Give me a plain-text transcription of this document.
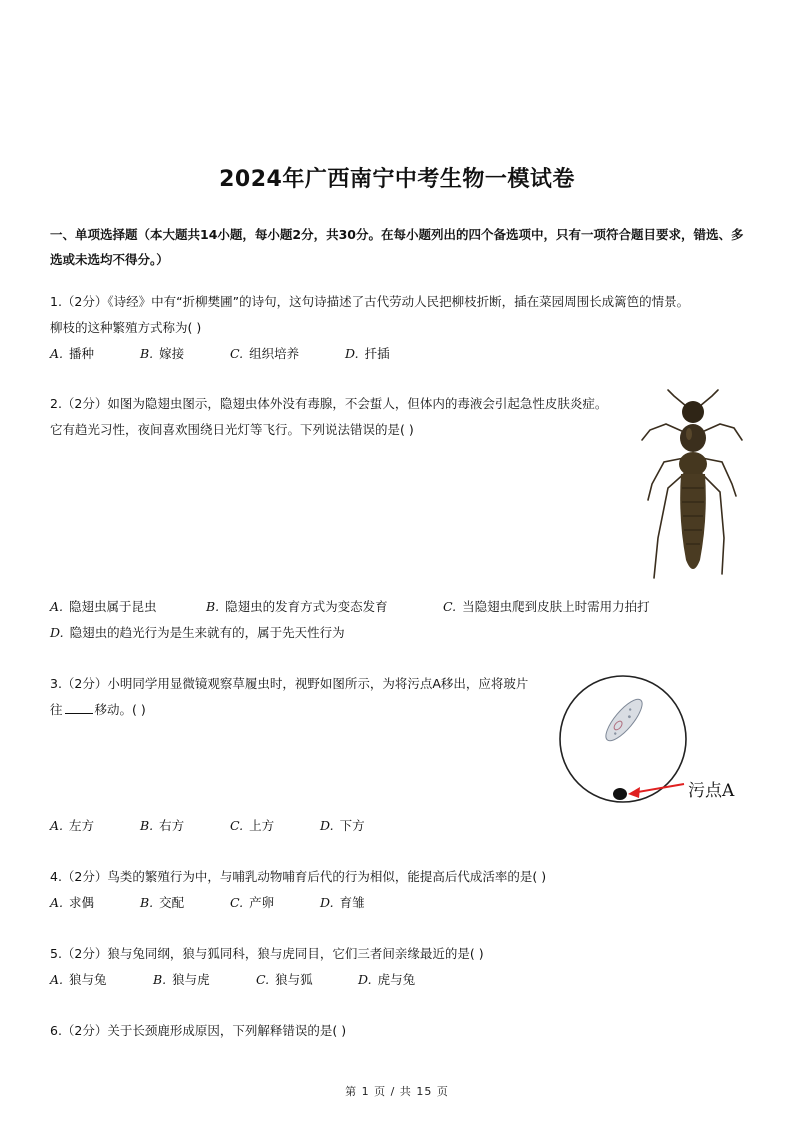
2024年广西南宁中考生物一模试卷
一、单项选择题（本大题共14小题，每小题2分，共30分。在每小题列出的四个备选项中，只有一项符合题目要求，错选、多选或未选均不得分。）
1.（2分）《诗经》中有“折柳樊圃”的诗句，这句诗描述了古代劳动人民把柳枝折断，插在菜园周围长成篱笆的情景。
柳枝的这种繁殖方式称为( )
A. 播种	B. 嫁接	C. 组织培养	D. 扦插
2.（2分）如图为隐翅虫图示，隐翅虫体外没有毒腺，不会蜇人，但体内的毒液会引起急性皮肤炎症。
它有趋光习性，夜间喜欢围绕日光灯等飞行。下列说法错误的是( )
A. 隐翅虫属于昆虫	B. 隐翅虫的发育方式为变态发育	C. 当隐翅虫爬到皮肤上时需用力拍打
D. 隐翅虫的趋光行为是生来就有的，属于先天性行为
3.（2分）小明同学用显微镜观察草履虫时，视野如图所示，为将污点A移出，应将玻片
往	移动。( )
污点A
A. 左方	B. 右方	C. 上方	D. 下方
4.（2分）鸟类的繁殖行为中，与哺乳动物哺育后代的行为相似，能提高后代成活率的是( )
A. 求偶	B. 交配	C. 产卵	D. 育雏
5.（2分）狼与兔同纲，狼与狐同科，狼与虎同目，它们三者间亲缘最近的是( )
A. 狼与兔	B. 狼与虎	C. 狼与狐	D. 虎与兔
6.（2分）关于长颈鹿形成原因，下列解释错误的是( )
第 1 页 / 共 15 页
